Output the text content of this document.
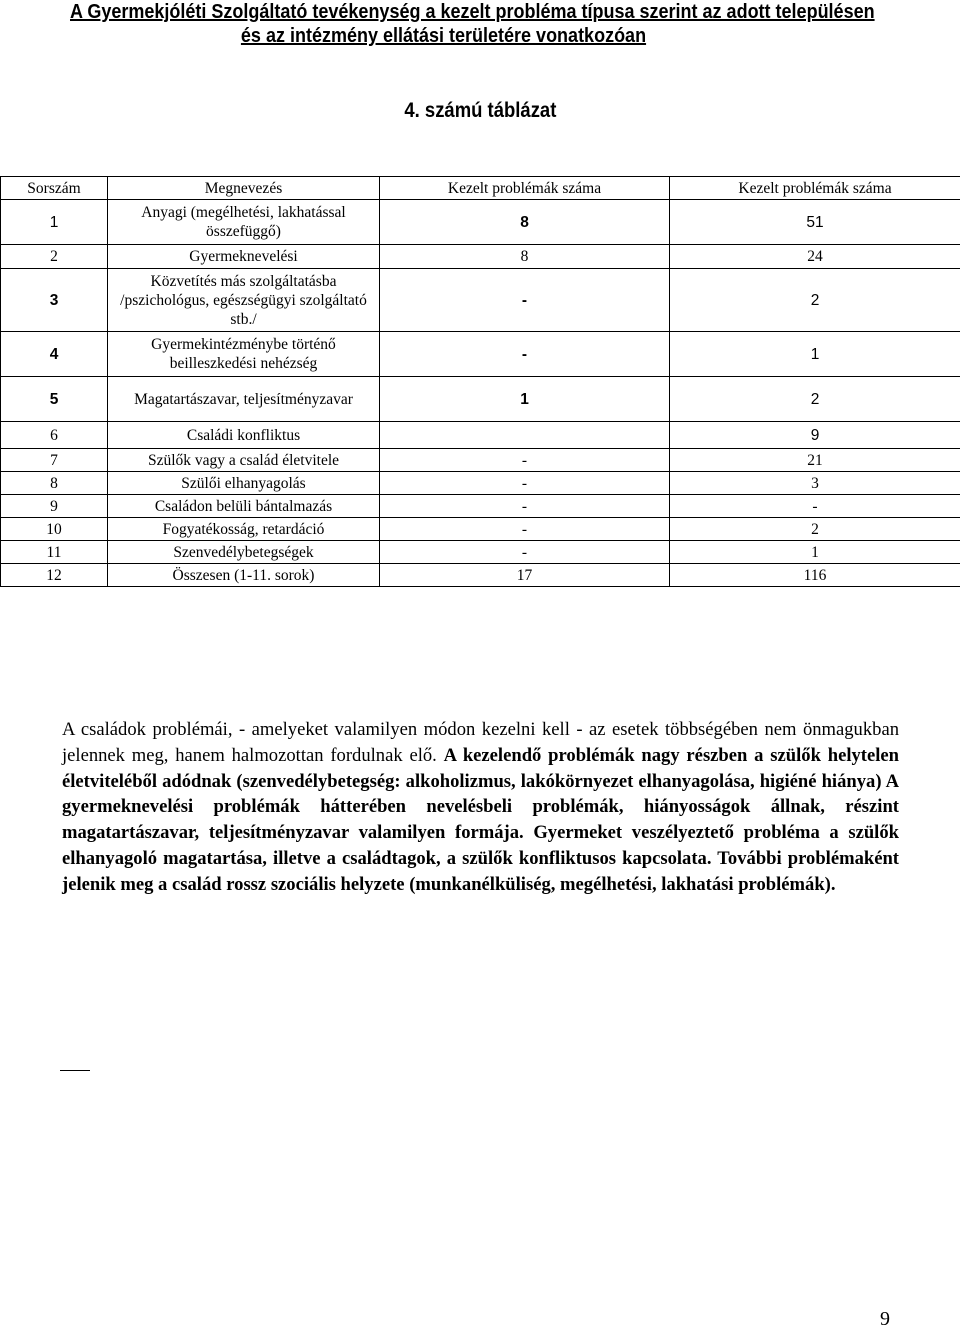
A Gyermekjóléti Szolgáltató tevékenység a kezelt probléma típusa szerint az adott településen
és az intézmény ellátási területére vonatkozóan
4. számú táblázat
Sorszám	Megnevezés	Kezelt problémák száma	Kezelt problémák száma
1	Anyagi (megélhetési, lakhatással összefüggő)	8	51
2	Gyermeknevelési	8	24
3	Közvetítés más szolgáltatásba /pszichológus, egészségügyi szolgáltató stb./	-	2
4	Gyermekintézménybe történő beilleszkedési nehézség	-	1
5	Magatartászavar, teljesítményzavar	1	2
6	Családi konfliktus		9
7	Szülők vagy a család életvitele	-	21
8	Szülői elhanyagolás	-	3
9	Családon belüli bántalmazás	-	-
10	Fogyatékosság, retardáció	-	2
11	Szenvedélybetegségek	-	1
12	Összesen (1-11. sorok)	17	116
A családok problémái, - amelyeket valamilyen módon kezelni kell - az esetek többségében nem önmagukban jelennek meg, hanem halmozottan fordulnak elő. A kezelendő problémák nagy részben a szülők helytelen életviteléből adódnak (szenvedélybetegség: alkoholizmus, lakókörnyezet elhanyagolása, higiéné hiánya) A gyermeknevelési problémák hátterében nevelésbeli problémák, hiányosságok állnak, részint magatartászavar, teljesítményzavar valamilyen formája. Gyermeket veszélyeztető probléma a szülők elhanyagoló magatartása, illetve a családtagok, a szülők konfliktusos kapcsolata. További problémaként jelenik meg a család rossz szociális helyzete (munkanélküliség, megélhetési, lakhatási problémák).
9
